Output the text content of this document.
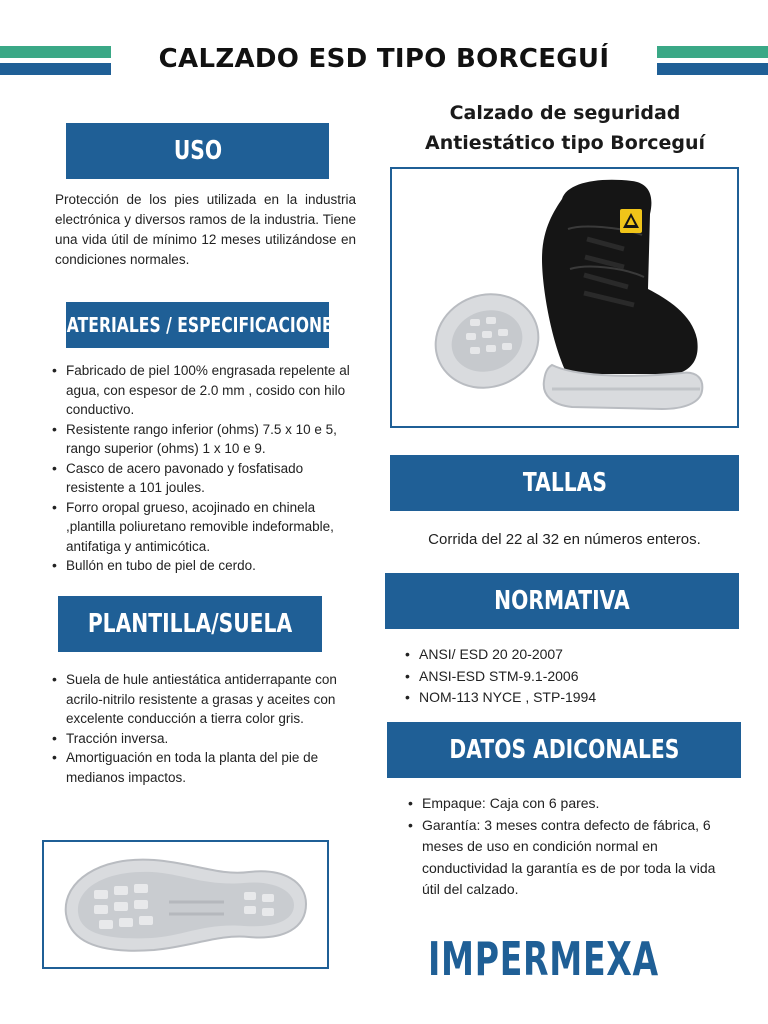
CALZADO ESD TIPO BORCEGUÍ
USO

Protección de los pies utilizada en la industria electrónica y diversos ramos de la industria. Tiene una vida útil de mínimo 12 meses utilizándose en condiciones normales.

MATERIALES / ESPECIFICACIONES
• Fabricado de piel 100% engrasada repelente al agua, con espesor de 2.0 mm , cosido con hilo conductivo.
• Resistente rango inferior (ohms) 7.5 x 10 e 5, rango superior (ohms) 1 x 10 e 9.
• Casco de acero pavonado y fosfatisado resistente a 101 joules.
• Forro oropal grueso, acojinado en chinela ,plantilla poliuretano removible indeformable, antifatiga y antimicótica.
• Bullón en tubo de piel de cerdo.
PLANTILLA/SUELA
• Suela de hule antiestática antiderrapante con acrilo-nitrilo resistente a grasas y aceites con excelente conducción a tierra color gris.
• Tracción inversa.
• Amortiguación en toda la planta del pie de medianos impactos.
Calzado de seguridad
Antiestático tipo Borceguí
TALLAS
Corrida del 22 al 32 en números enteros.
NORMATIVA
• ANSI/ ESD 20 20-2007
• ANSI-ESD STM-9.1-2006
• NOM-113 NYCE , STP-1994
DATOS ADICONALES
• Empaque: Caja con 6 pares.
• Garantía: 3 meses contra defecto de fábrica, 6 meses de uso en condición normal en conductividad la garantía es de por toda la vida útil del calzado.
IMPERMEXA
